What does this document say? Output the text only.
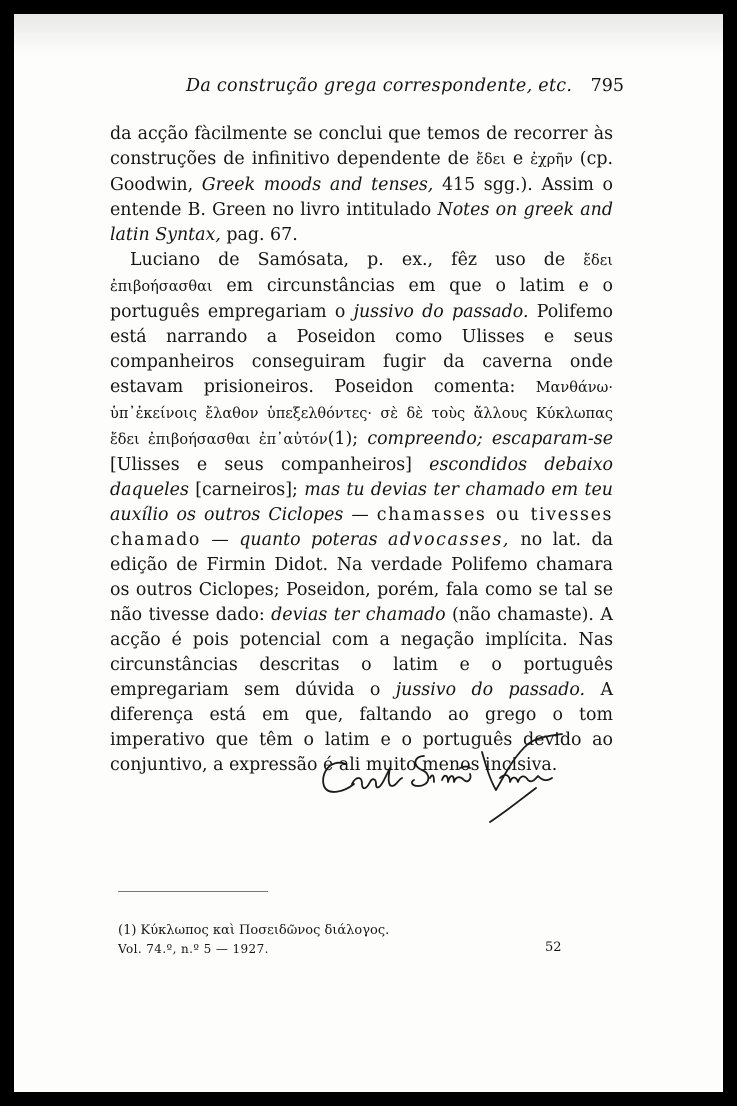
Da construção grega correspondente, etc. 795

da acção fàcilmente se conclui que temos de recorrer às construções de infinitivo dependente de ἔδει e ἐχρῆν (cp. Goodwin, Greek moods and tenses, 415 sgg.). Assim o entende B. Green no livro intitulado Notes on greek and latin Syntax, pag. 67.

Luciano de Samósata, p. ex., fêz uso de ἔδει ἐπιβοήσασθαι em circunstâncias em que o latim e o português empregariam o jussivo do passado. Polifemo está narrando a Poseidon como Ulisses e seus companheiros conseguiram fugir da caverna onde estavam prisioneiros. Poseidon comenta: Μανθάνω· ὑπ᾽ἐκείνοις ἔλαθον ὑπεξελθόντες· σὲ δὲ τοὺς ἄλλους Κύκλωπας ἔδει ἐπιβοήσασθαι ἐπ᾽αὐτόν(1); compreendo; escaparam-se [Ulisses e seus companheiros] escondidos debaixo daqueles [carneiros]; mas tu devias ter chamado em teu auxílio os outros Ciclopes — chamasses ou tivesses chamado — quanto poteras advocasses, no lat. da edição de Firmin Didot. Na verdade Polifemo chamara os outros Ciclopes; Poseidon, porém, fala como se tal se não tivesse dado: devias ter chamado (não chamaste). A acção é pois potencial com a negação implícita. Nas circunstâncias descritas o latim e o português empregariam sem dúvida o jussivo do passado. A diferença está em que, faltando ao grego o tom imperativo que têm o latim e o português devido ao conjuntivo, a expressão é ali muito menos incisiva.

(1) Κύκλωπος καὶ Ποσειδῶνος διάλογος.
Vol. 74.º, n.º 5 — 1927.	52
